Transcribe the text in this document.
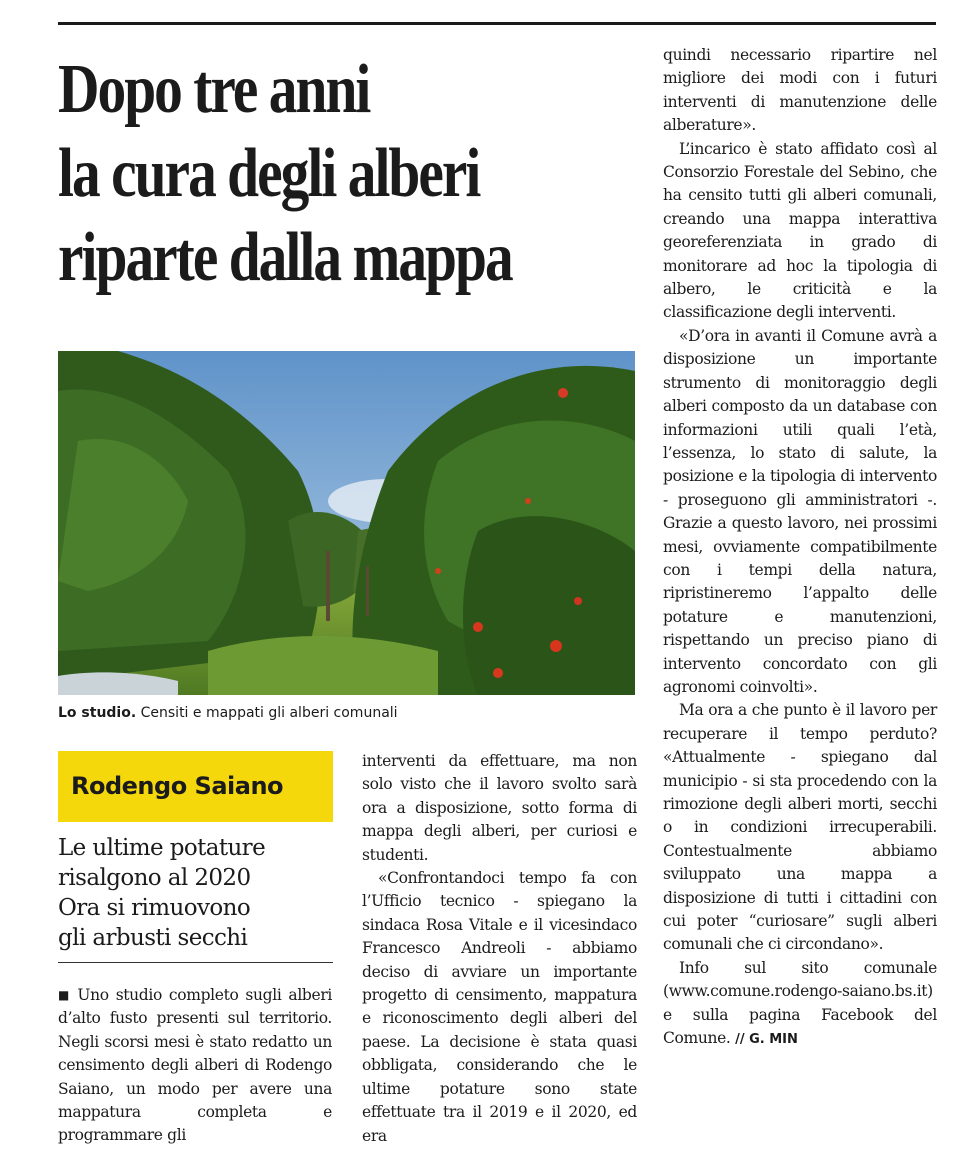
Dopo tre anni
la cura degli alberi
riparte dalla mappa
Lo studio. Censiti e mappati gli alberi comunali
Rodengo Saiano
Le ultime potature
risalgono al 2020
Ora si rimuovono
gli arbusti secchi

■ Uno studio completo sugli alberi d’alto fusto presenti sul territorio. Negli scorsi mesi è stato redatto un censimento degli alberi di Rodengo Saiano, un modo per avere una mappatura completa e programmare gli

interventi da effettuare, ma non solo visto che il lavoro svolto sarà ora a disposizione, sotto forma di mappa degli alberi, per curiosi e studenti.

«Confrontandoci tempo fa con l’Ufficio tecnico - spiegano la sindaca Rosa Vitale e il vicesindaco Francesco Andreoli - abbiamo deciso di avviare un importante progetto di censimento, mappatura e riconoscimento degli alberi del paese. La decisione è stata quasi obbligata, considerando che le ultime potature sono state effettuate tra il 2019 e il 2020, ed era

quindi necessario ripartire nel migliore dei modi con i futuri interventi di manutenzione delle alberature».

L’incarico è stato affidato così al Consorzio Forestale del Sebino, che ha censito tutti gli alberi comunali, creando una mappa interattiva georeferenziata in grado di monitorare ad hoc la tipologia di albero, le criticità e la classificazione degli interventi.

«D’ora in avanti il Comune avrà a disposizione un importante strumento di monitoraggio degli alberi composto da un database con informazioni utili quali l’età, l’essenza, lo stato di salute, la posizione e la tipologia di intervento - proseguono gli amministratori -. Grazie a questo lavoro, nei prossimi mesi, ovviamente compatibilmente con i tempi della natura, ripristineremo l’appalto delle potature e manutenzioni, rispettando un preciso piano di intervento concordato con gli agronomi coinvolti».

Ma ora a che punto è il lavoro per recuperare il tempo perduto? «Attualmente - spiegano dal municipio - si sta procedendo con la rimozione degli alberi morti, secchi o in condizioni irrecuperabili. Contestualmente abbiamo sviluppato una mappa a disposizione di tutti i cittadini con cui poter “curiosare” sugli alberi comunali che ci circondano».

Info sul sito comunale (www.comune.rodengo-saiano.bs.it) e sulla pagina Facebook del Comune. // G. MIN
